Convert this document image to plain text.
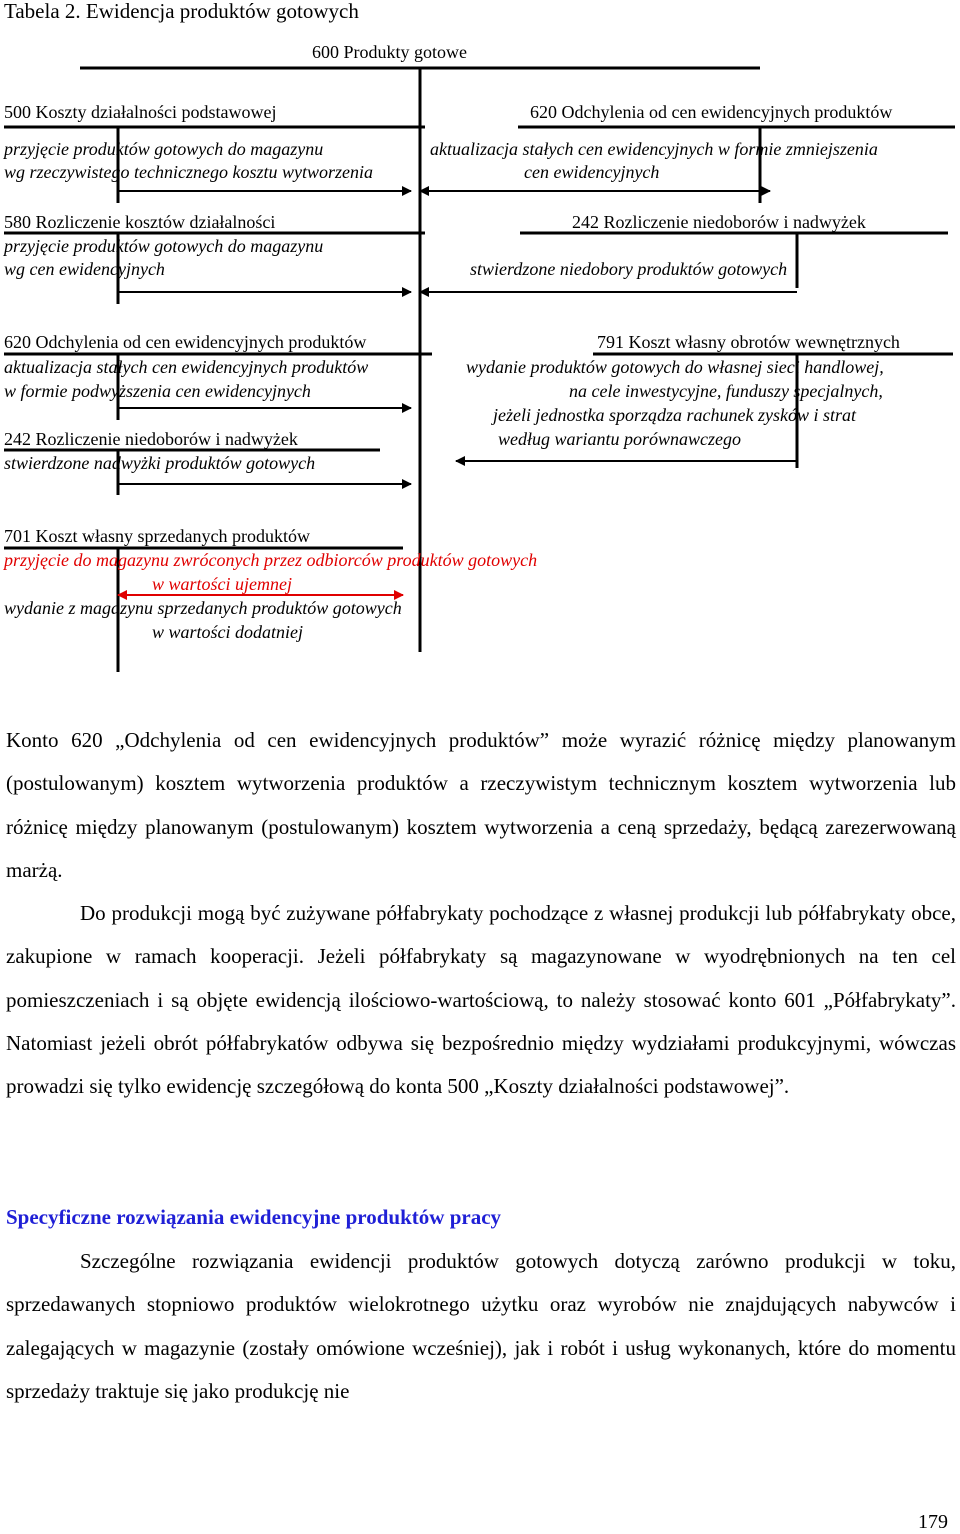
Tabela 2. Ewidencja produktów gotowych
600 Produkty gotowe
500 Koszty działalności podstawowej
przyjęcie produktów gotowych do magazynu
wg rzeczywistego technicznego kosztu wytworzenia
620 Odchylenia od cen ewidencyjnych produktów
aktualizacja stałych cen ewidencyjnych w formie zmniejszenia
cen ewidencyjnych
580 Rozliczenie kosztów działalności
przyjęcie produktów gotowych do magazynu
wg cen ewidencyjnych
242 Rozliczenie niedoborów i nadwyżek
stwierdzone niedobory produktów gotowych
620 Odchylenia od cen ewidencyjnych produktów
aktualizacja stałych cen ewidencyjnych produktów
w formie podwyższenia cen ewidencyjnych
791 Koszt własny obrotów wewnętrznych
wydanie produktów gotowych do własnej sieci handlowej,
na cele inwestycyjne, funduszy specjalnych,
jeżeli jednostka sporządza rachunek zysków i strat
według wariantu porównawczego
242 Rozliczenie niedoborów i nadwyżek
stwierdzone nadwyżki produktów gotowych
701 Koszt własny sprzedanych produktów
przyjęcie do magazynu zwróconych przez odbiorców produktów gotowych
w wartości ujemnej
wydanie z magazynu sprzedanych produktów gotowych
w wartości dodatniej

Konto 620 „Odchylenia od cen ewidencyjnych produktów” może wyrazić różnicę między planowanym (postulowanym) kosztem wytworzenia produktów a rzeczywistym technicznym kosztem wytworzenia lub różnicę między planowanym (postulowanym) kosztem wytworzenia a ceną sprzedaży, będącą zarezerwowaną marżą.

Do produkcji mogą być zużywane półfabrykaty pochodzące z własnej produkcji lub półfabrykaty obce, zakupione w ramach kooperacji. Jeżeli półfabrykaty są magazynowane w wyodrębnionych na ten cel pomieszczeniach i są objęte ewidencją ilościowo-wartościową, to należy stosować konto 601 „Półfabrykaty”. Natomiast jeżeli obrót półfabrykatów odbywa się bezpośrednio między wydziałami produkcyjnymi, wówczas prowadzi się tylko ewidencję szczegółową do konta 500 „Koszty działalności podstawowej”.

Specyficzne rozwiązania ewidencyjne produktów pracy

Szczególne rozwiązania ewidencji produktów gotowych dotyczą zarówno produkcji w toku, sprzedawanych stopniowo produktów wielokrotnego użytku oraz wyrobów nie znajdujących nabywców i zalegających w magazynie (zostały omówione wcześniej), jak i robót i usług wykonanych, które do momentu sprzedaży traktuje się jako produkcję nie

179
